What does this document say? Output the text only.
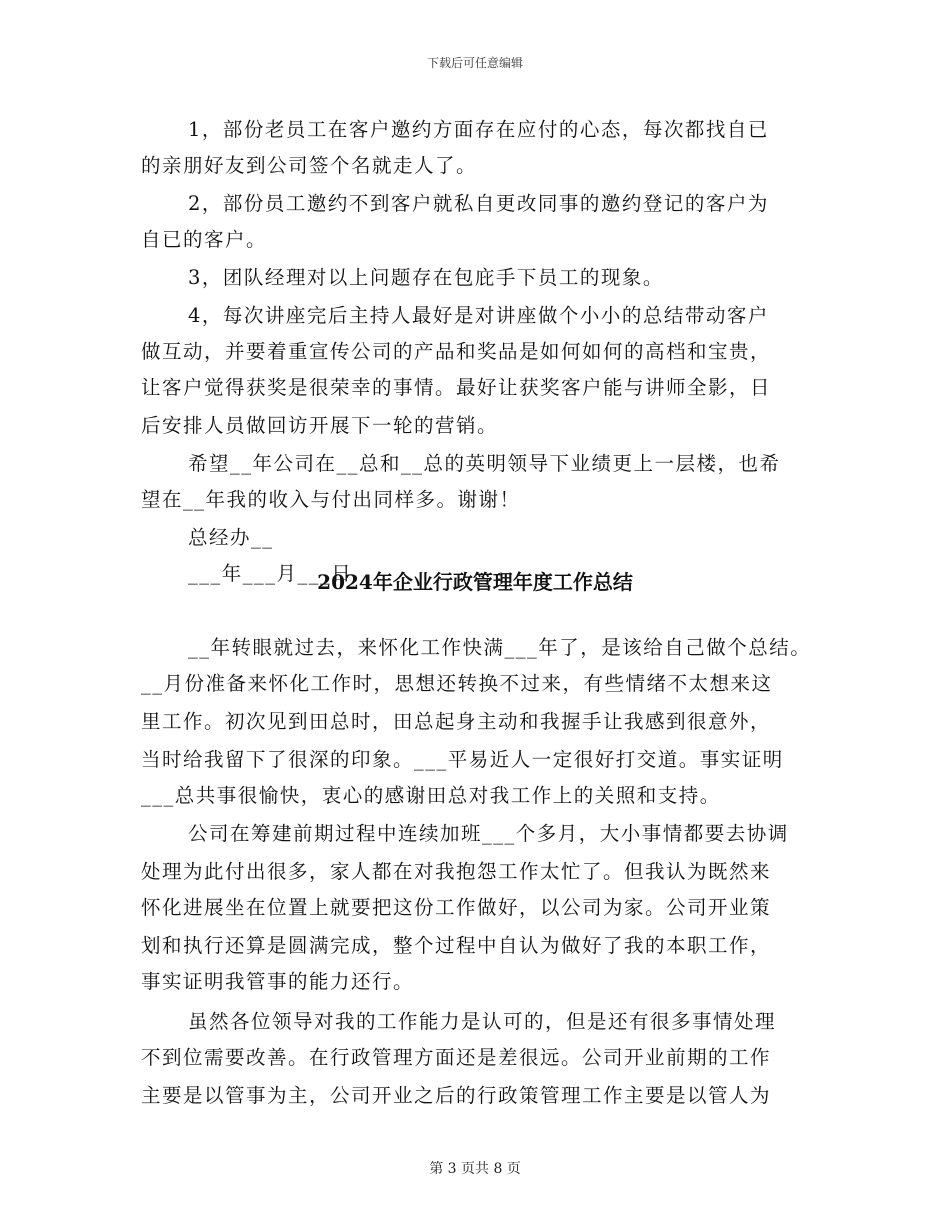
下载后可任意编辑
1，部份老员工在客户邀约方面存在应付的心态，每次都找自已
的亲朋好友到公司签个名就走人了。
2，部份员工邀约不到客户就私自更改同事的邀约登记的客户为
自已的客户。
3，团队经理对以上问题存在包庇手下员工的现象。
4，每次讲座完后主持人最好是对讲座做个小小的总结带动客户
做互动，并要着重宣传公司的产品和奖品是如何如何的高档和宝贵，
让客户觉得获奖是很荣幸的事情。最好让获奖客户能与讲师全影，日
后安排人员做回访开展下一轮的营销。
希望__年公司在__总和__总的英明领导下业绩更上一层楼，也希
望在__年我的收入与付出同样多。谢谢！
总经办__
___年___月___日
2024年企业行政管理年度工作总结
__年转眼就过去，来怀化工作快满___年了，是该给自己做个总结。
__月份准备来怀化工作时，思想还转换不过来，有些情绪不太想来这
里工作。初次见到田总时，田总起身主动和我握手让我感到很意外，
当时给我留下了很深的印象。___平易近人一定很好打交道。事实证明
___总共事很愉快，衷心的感谢田总对我工作上的关照和支持。
公司在筹建前期过程中连续加班___个多月，大小事情都要去协调
处理为此付出很多，家人都在对我抱怨工作太忙了。但我认为既然来
怀化进展坐在位置上就要把这份工作做好，以公司为家。公司开业策
划和执行还算是圆满完成，整个过程中自认为做好了我的本职工作，
事实证明我管事的能力还行。
虽然各位领导对我的工作能力是认可的，但是还有很多事情处理
不到位需要改善。在行政管理方面还是差很远。公司开业前期的工作
主要是以管事为主，公司开业之后的行政策管理工作主要是以管人为
第 3 页共 8 页
